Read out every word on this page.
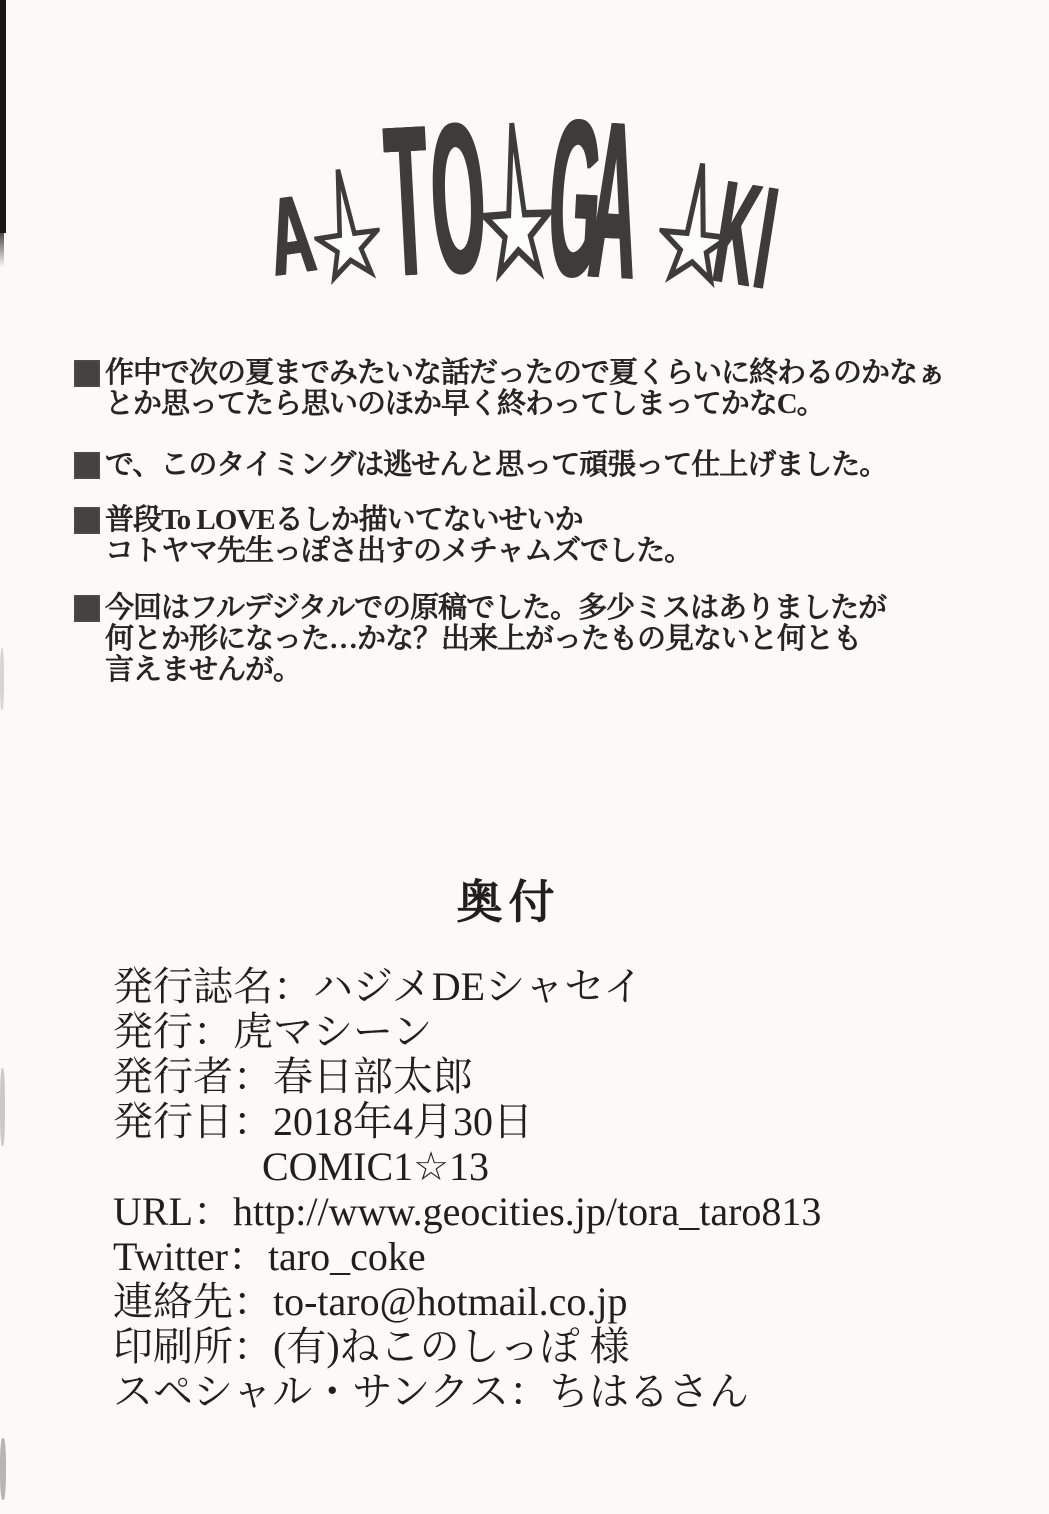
A TO GA KI
作中で次の夏までみたいな話だったので夏くらいに終わるのかなぁ
とか思ってたら思いのほか早く終わってしまってかなC。
で、このタイミングは逃せんと思って頑張って仕上げました。
普段To LOVEるしか描いてないせいか
コトヤマ先生っぽさ出すのメチャムズでした。
今回はフルデジタルでの原稿でした。多少ミスはありましたが
何とか形になった…かな？出来上がったもの見ないと何とも
言えませんが。
奥付
発行誌名：ハジメDEシャセイ
発行：虎マシーン
発行者：春日部太郎
発行日：2018年4月30日
COMIC1☆13
URL：http://www.geocities.jp/tora_taro813
Twitter：taro_coke
連絡先：to-taro@hotmail.co.jp
印刷所：(有)ねこのしっぽ 様
スペシャル・サンクス：ちはるさん
